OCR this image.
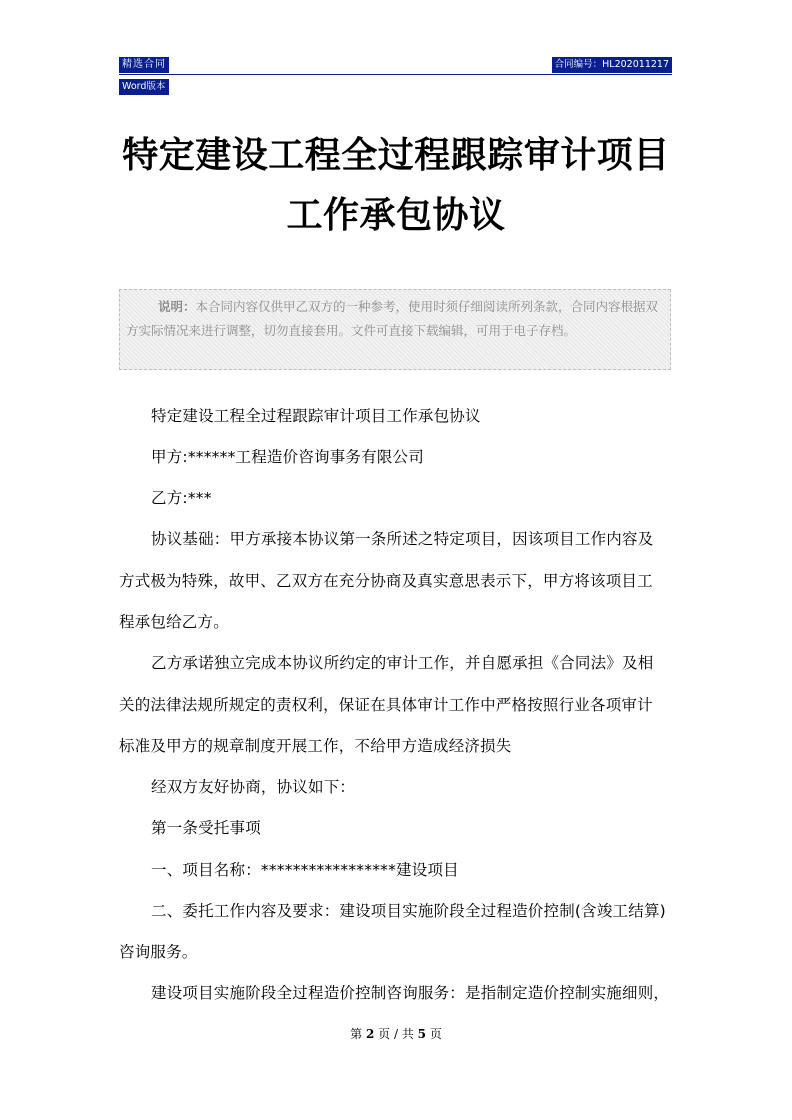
精选合同
Word版本
合同编号：HL202011217
特定建设工程全过程跟踪审计项目
工作承包协议
说明：本合同内容仅供甲乙双方的一种参考，使用时须仔细阅读所列条款，合同内容根据双方实际情况来进行调整，切勿直接套用。文件可直接下载编辑，可用于电子存档。
特定建设工程全过程跟踪审计项目工作承包协议
甲方:******工程造价咨询事务有限公司
乙方:***
协议基础：甲方承接本协议第一条所述之特定项目，因该项目工作内容及
方式极为特殊，故甲、乙双方在充分协商及真实意思表示下，甲方将该项目工
程承包给乙方。
乙方承诺独立完成本协议所约定的审计工作，并自愿承担《合同法》及相
关的法律法规所规定的责权利，保证在具体审计工作中严格按照行业各项审计
标准及甲方的规章制度开展工作，不给甲方造成经济损失
经双方友好协商，协议如下：
第一条受托事项
一、项目名称：*****************建设项目
二、委托工作内容及要求：建设项目实施阶段全过程造价控制(含竣工结算)
咨询服务。
建设项目实施阶段全过程造价控制咨询服务：是指制定造价控制实施细则，
第 2 页 / 共 5 页
